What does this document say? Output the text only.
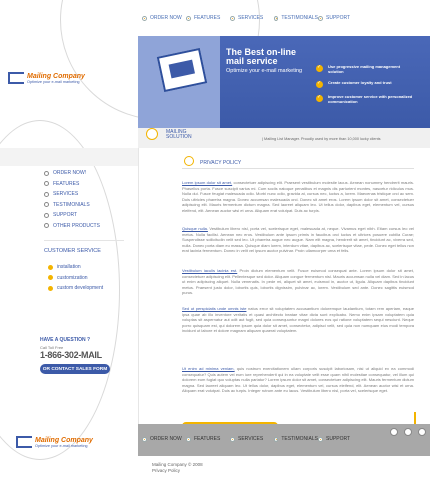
Mailing Company
Optimize your e-mail marketing
ORDER NOW FEATURES	SERVICES	TESTIMONIALS SUPPORT
The Best on-line mail service
Optimize your e-mail marketing
✓
Use progressive mailing management solution
✓
Create customer loyalty and trust
✓
Improve customer service with personalized communication
| Mailing List Manager. Proudly used by more than 10,000 lucky clients
ORDER NOW!
FEATURES
SERVICES
TESTIMONIALS
SUPPORT
OTHER PRODUCTS
CUSTOMER SERVICE
installation
customization
custom development
HAVE A QUESTION ?
Call Toll Free
1-866-302-MAIL
OR CONTACT SALES FORM
MAILING
SOLUTION
PRIVACY POLICY
Lorem ipsum dolor sit amet, consectetuer adipiscing elit. Praesent vestibulum molestie lacus. Aenean nonummy hendrerit mauris. Phasellus porta. Fusce suscipit varius mi. Cum sociis natoque penatibus et magnis dis parturient montes, nascetur ridiculus mus. Nulla dui. Fusce feugiat malesuada odio. Morbi nunc odio, gravida at, cursus nec, luctus a, lorem. Maecenas tristique orci ac sem. Duis ultricies pharetra magna. Donec accumsan malesuada orci. Donec sit amet eros. Lorem ipsum dolor sit amet, consectetuer adipiscing elit. Mauris fermentum dictum magna. Sed laoreet aliquam leo. Ut tellus dolor, dapibus eget, elementum vel, cursus eleifend, elit. Aenean auctor wisi et urna. Aliquam erat volutpat. Duis ac turpis.
Quisque nulla. Vestibulum libero nisl, porta vel, scelerisque eget, malesuada at, neque. Vivamus eget nibh. Etiam cursus leo vel metus. Nulla facilisi. Aenean nec eros. Vestibulum ante ipsum primis in faucibus orci luctus et ultrices posuere cubilia Curae; Suspendisse sollicitudin velit sed leo. Ut pharetra augue nec augue. Nam elit magna, hendrerit sit amet, tincidunt ac, viverra sed, nulla. Donec porta diam eu massa. Quisque diam lorem, interdum vitae, dapibus ac, scelerisque vitae, pede. Donec eget tellus non erat lacinia fermentum. Donec in velit vel ipsum auctor pulvinar. Proin ullamcorper urna et felis.
Vestibulum iaculis lacinia est. Proin dictum elementum velit. Fusce euismod consequat ante. Lorem ipsum dolor sit amet, consectetuer adipiscing elit. Pellentesque sed dolor. Aliquam congue fermentum nisl. Mauris accumsan nulla vel diam. Sed in lacus ut enim adipiscing aliquet. Nulla venenatis. In pede mi, aliquet sit amet, euismod in, auctor ut, ligula. Aliquam dapibus tincidunt metus. Praesent justo dolor, lobortis quis, lobortis dignissim, pulvinar ac, lorem. Vestibulum sed ante. Donec sagittis euismod purus.
Sed ut perspiciatis unde omnis iste natus error sit voluptatem accusantium doloremque laudantium, totam rem aperiam, eaque ipsa quae ab illo inventore veritatis et quasi architecto beatae vitae dicta sunt explicabo. Nemo enim ipsam voluptatem quia voluptas sit aspernatur aut odit aut fugit, sed quia consequuntur magni dolores eos qui ratione voluptatem sequi nesciunt. Neque porro quisquam est, qui dolorem ipsum quia dolor sit amet, consectetur, adipisci velit, sed quia non numquam eius modi tempora incidunt ut labore et dolore magnam aliquam quaerat voluptatem.
Ut enim ad minima veniam, quis nostrum exercitationem ullam corporis suscipit laboriosam, nisi ut aliquid ex ea commodi consequatur? Quis autem vel eum iure reprehenderit qui in ea voluptate velit esse quam nihil molestiae consequatur, vel illum qui dolorem eum fugiat quo voluptas nulla pariatur? Lorem ipsum dolor sit amet, consectetuer adipiscing elit. Mauris fermentum dictum magna. Sed laoreet aliquam leo. Ut tellus dolor, dapibus eget, elementum vel, cursus eleifend, elit. Aenean auctor wisi et urna. Aliquam erat volutpat. Duis ac turpis. Integer rutrum ante eu lacus. Vestibulum libero nisl, porta vel, scelerisque eget.
Mailing Company
Optimize your e-mail marketing
ORDER NOW FEATURES	SERVICES	TESTIMONIALS SUPPORT
Mailing Company © 2008
Privacy Policy
